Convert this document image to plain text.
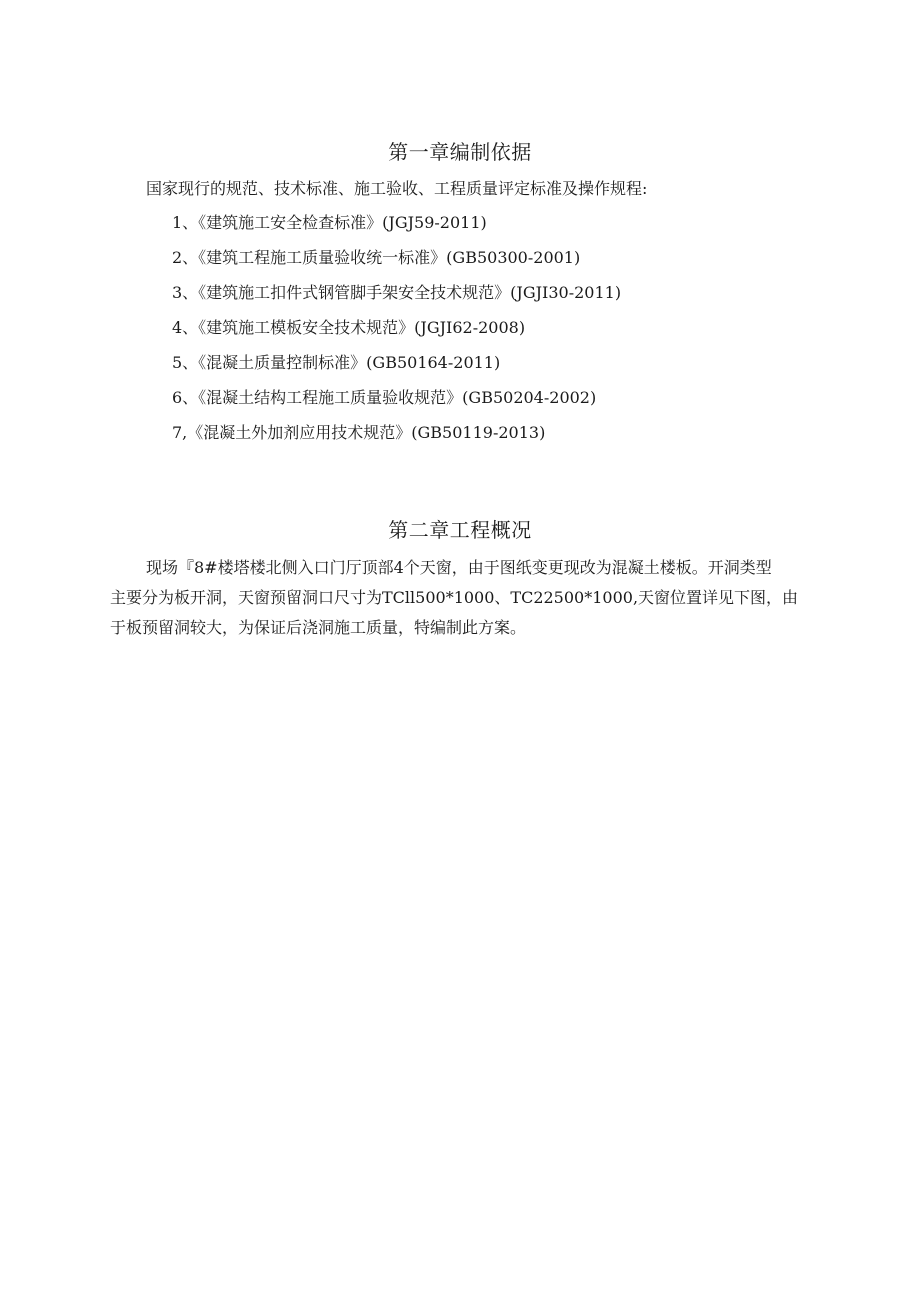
第一章编制依据
国家现行的规范、技术标准、施工验收、工程质量评定标准及操作规程:
1、《建筑施工安全检查标准》(JGJ59-2011)
2、《建筑工程施工质量验收统一标准》(GB50300-2001)
3、《建筑施工扣件式钢管脚手架安全技术规范》(JGJI30-2011)
4、《建筑施工模板安全技术规范》(JGJI62-2008)
5、《混凝土质量控制标准》(GB50164-2011)
6、《混凝土结构工程施工质量验收规范》(GB50204-2002)
7,《混凝土外加剂应用技术规范》(GB50119-2013)
第二章工程概况
现场『8#楼塔楼北侧入口门厅顶部4个天窗，由于图纸变更现改为混凝土楼板。开洞类型
主要分为板开洞，天窗预留洞口尺寸为TCll500*1000、TC22500*1000,天窗位置详见下图，由
于板预留洞较大，为保证后浇洞施工质量，特编制此方案。
